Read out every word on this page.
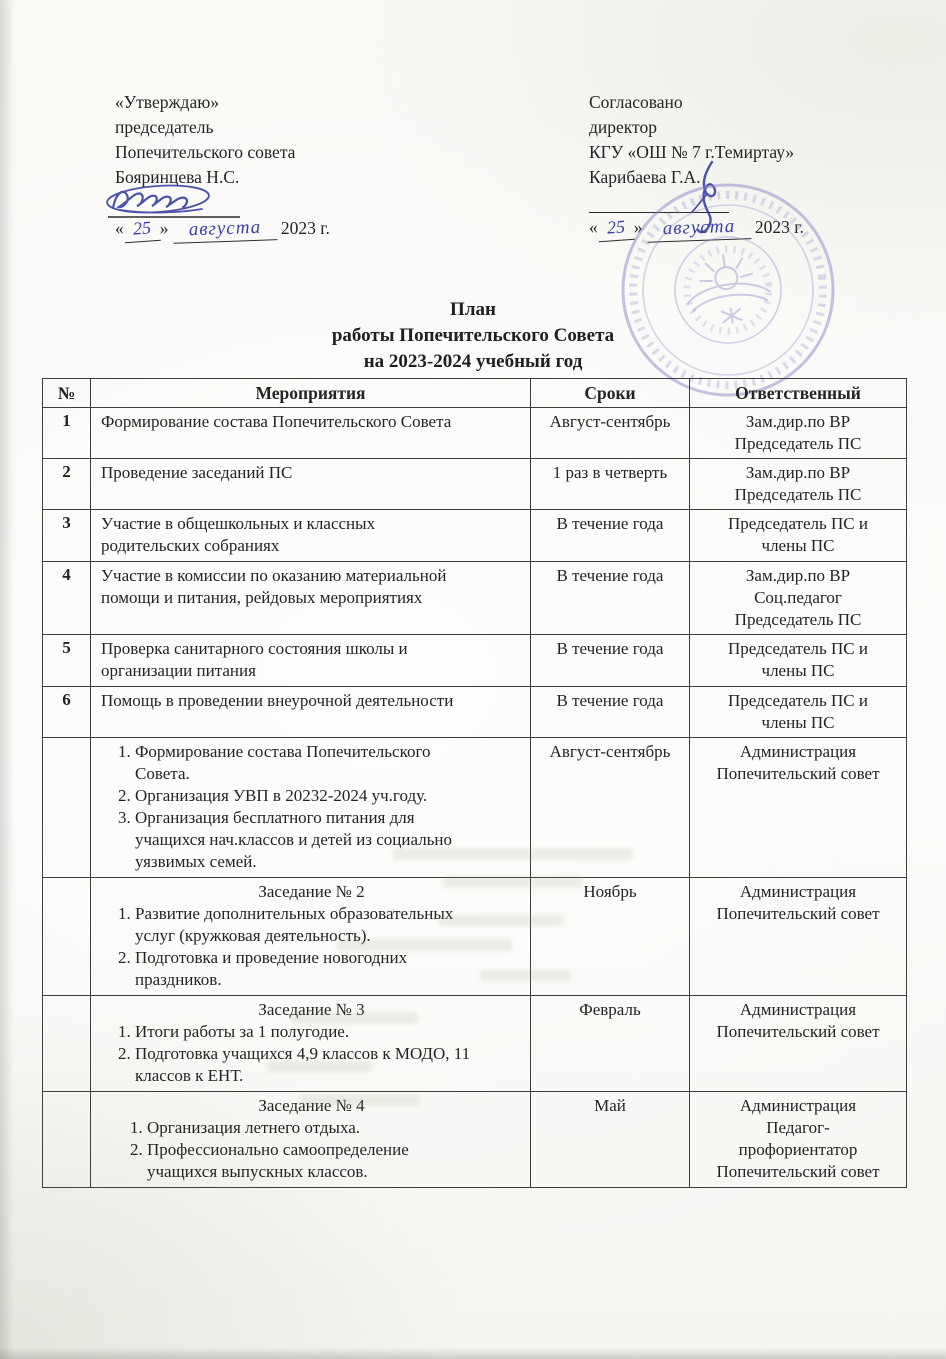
«Утверждаю»
председатель
Попечительского совета
Бояринцева Н.С.
« 25 » августа 2023 г.
Согласовано
директор
КГУ «ОШ № 7 г.Темиртау»
Карибаева Г.А.
« 25 » августа 2023 г.
План
работы Попечительского Совета
на 2023-2024 учебный год
№	Мероприятия	Сроки	Ответственный
1	Формирование состава Попечительского Совета	Август-сентябрь	Зам.дир.по ВР
Председатель ПС

2	Проведение заседаний ПС	1 раз в четверть	Зам.дир.по ВР
Председатель ПС

3	Участие в общешкольных и классных
родительских собраниях
	В течение года	Председатель ПС и
члены ПС

4	Участие в комиссии по оказанию материальной
помощи и питания, рейдовых мероприятиях
	В течение года	Зам.дир.по ВР
Соц.педагог
Председатель ПС

5	Проверка санитарного состояния школы и
организации питания
	В течение года	Председатель ПС и
члены ПС

6	Помощь в проведении внеурочной деятельности	В течение года	Председатель ПС и
члены ПС

1. Формирование состава Попечительского
Совета.
2. Организация УВП в 20232-2024 уч.году.
3. Организация бесплатного питания для
учащихся нач.классов и детей из социально
уязвимых семей.
	Август-сентябрь	Администрация
Попечительский совет

Заседание № 2
1. Развитие дополнительных образовательных
услуг (кружковая деятельность).
2. Подготовка и проведение новогодних
праздников.
	Ноябрь	Администрация
Попечительский совет

Заседание № 3
1. Итоги работы за 1 полугодие.
2. Подготовка учащихся 4,9 классов к МОДО, 11
классов к ЕНТ.
	Февраль	Администрация
Попечительский совет

Заседание № 4
1. Организация летнего отдыха.
2. Профессионально самоопределение
учащихся выпускных классов.
	Май	Администрация
Педагог-
профориентатор
Попечительский совет
